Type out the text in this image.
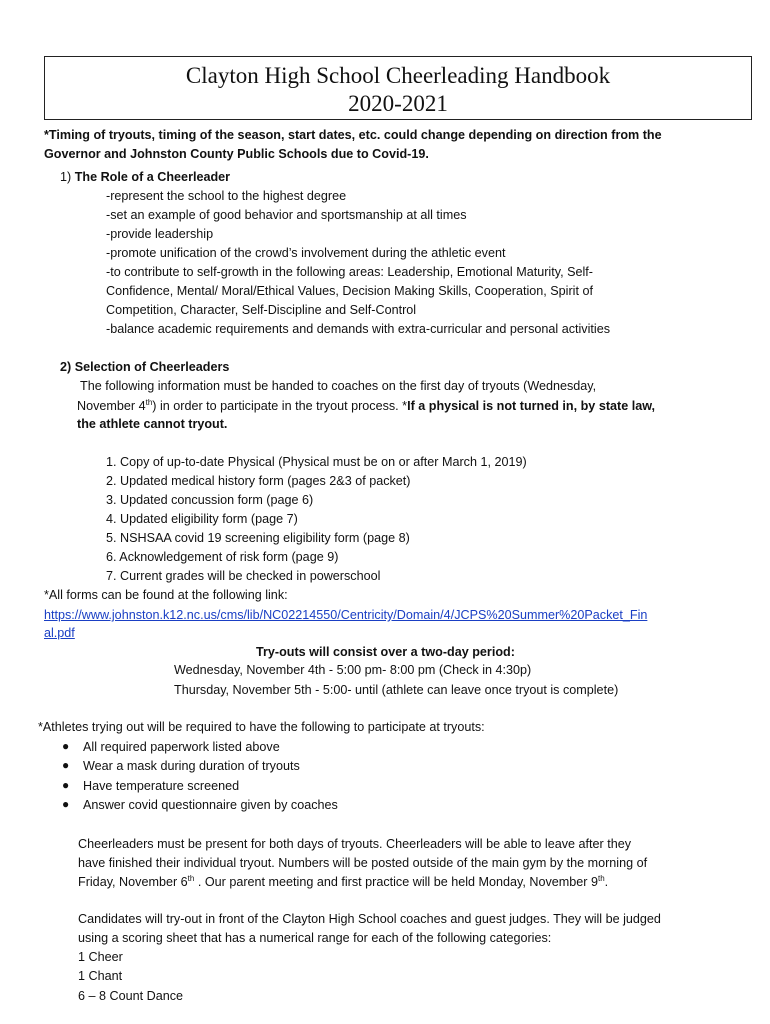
Clayton High School Cheerleading Handbook
2020-2021
*Timing of tryouts, timing of the season, start dates, etc. could change depending on direction from the
Governor and Johnston County Public Schools due to Covid-19.
1) The Role of a Cheerleader
-represent the school to the highest degree
-set an example of good behavior and sportsmanship at all times
-provide leadership
-promote unification of the crowd’s involvement during the athletic event
-to contribute to self-growth in the following areas: Leadership, Emotional Maturity, Self-
Confidence, Mental/ Moral/Ethical Values, Decision Making Skills, Cooperation, Spirit of
Competition, Character, Self-Discipline and Self-Control
-balance academic requirements and demands with extra-curricular and personal activities
2) Selection of Cheerleaders
The following information must be handed to coaches on the first day of tryouts (Wednesday,
November 4th) in order to participate in the tryout process. *If a physical is not turned in, by state law,
the athlete cannot tryout.
1. Copy of up-to-date Physical (Physical must be on or after March 1, 2019)
2. Updated medical history form (pages 2&3 of packet)
3. Updated concussion form (page 6)
4. Updated eligibility form (page 7)
5. NSHSAA covid 19 screening eligibility form (page 8)
6. Acknowledgement of risk form (page 9)
7. Current grades will be checked in powerschool
*All forms can be found at the following link:
https://www.johnston.k12.nc.us/cms/lib/NC02214550/Centricity/Domain/4/JCPS%20Summer%20Packet_Fin
al.pdf
Try-outs will consist over a two-day period:
Wednesday, November 4th - 5:00 pm- 8:00 pm (Check in 4:30p)
Thursday, November 5th - 5:00- until (athlete can leave once tryout is complete)
*Athletes trying out will be required to have the following to participate at tryouts:
● All required paperwork listed above
● Wear a mask during duration of tryouts
● Have temperature screened
● Answer covid questionnaire given by coaches
Cheerleaders must be present for both days of tryouts. Cheerleaders will be able to leave after they
have finished their individual tryout. Numbers will be posted outside of the main gym by the morning of
Friday, November 6th . Our parent meeting and first practice will be held Monday, November 9th.
Candidates will try-out in front of the Clayton High School coaches and guest judges. They will be judged
using a scoring sheet that has a numerical range for each of the following categories:
1 Cheer
1 Chant
6 – 8 Count Dance
